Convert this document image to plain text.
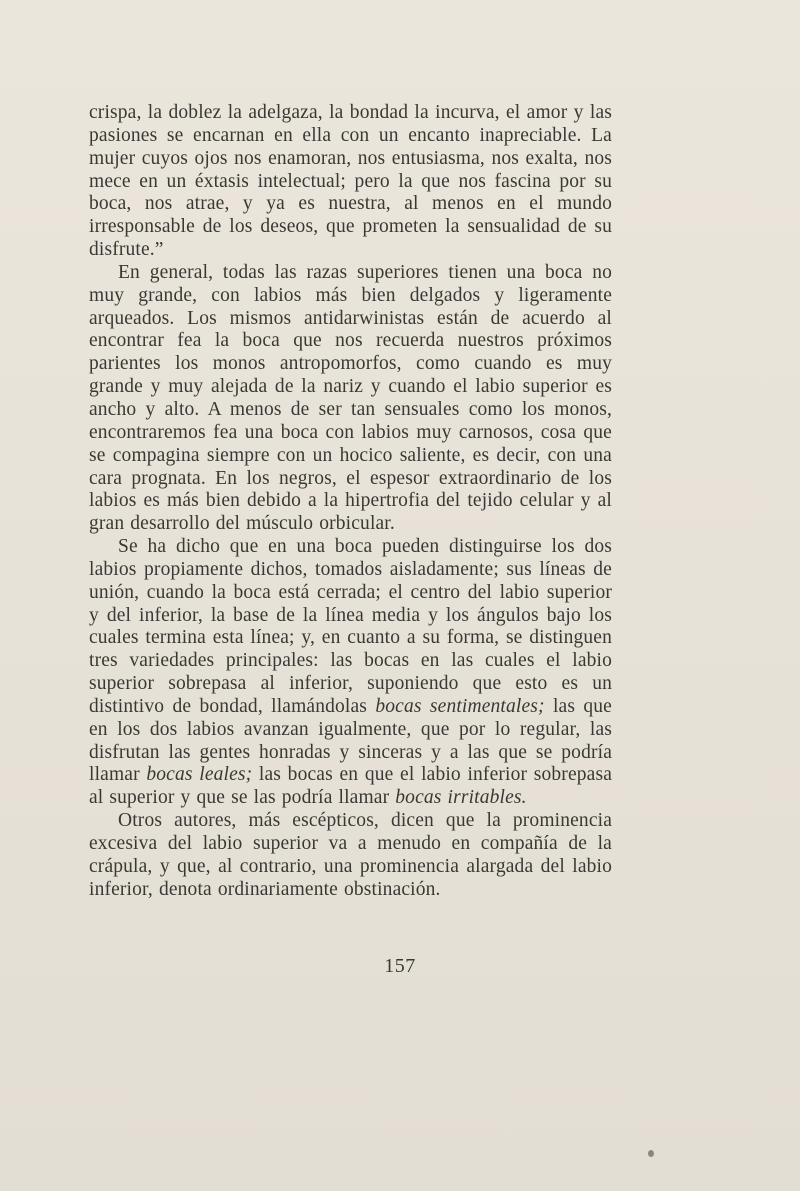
crispa, la doblez la adelgaza, la bondad la incurva, el amor y las pasiones se encarnan en ella con un encanto inapreciable. La mujer cuyos ojos nos enamoran, nos entusiasma, nos exalta, nos mece en un éxtasis intelectual; pero la que nos fascina por su boca, nos atrae, y ya es nuestra, al menos en el mundo irresponsable de los deseos, que prometen la sensualidad de su disfrute.”

En general, todas las razas superiores tienen una boca no muy grande, con labios más bien delgados y ligeramente arqueados. Los mismos antidarwinistas están de acuerdo al encontrar fea la boca que nos recuerda nuestros próximos parientes los monos antropomorfos, como cuando es muy grande y muy alejada de la nariz y cuando el labio superior es ancho y alto. A menos de ser tan sensuales como los monos, encontraremos fea una boca con labios muy carnosos, cosa que se compagina siempre con un hocico saliente, es decir, con una cara prognata. En los negros, el espesor extraordinario de los labios es más bien debido a la hipertrofia del tejido celular y al gran desarrollo del músculo orbicular.

Se ha dicho que en una boca pueden distinguirse los dos labios propiamente dichos, tomados aisladamente; sus líneas de unión, cuando la boca está cerrada; el centro del labio superior y del inferior, la base de la línea media y los ángulos bajo los cuales termina esta línea; y, en cuanto a su forma, se distinguen tres variedades principales: las bocas en las cuales el labio superior sobrepasa al inferior, suponiendo que esto es un distintivo de bondad, llamándolas bocas sentimentales; las que en los dos labios avanzan igualmente, que por lo regular, las disfrutan las gentes honradas y sinceras y a las que se podría llamar bocas leales; las bocas en que el labio inferior sobrepasa al superior y que se las podría llamar bocas irritables.

Otros autores, más escépticos, dicen que la prominencia excesiva del labio superior va a menudo en compañía de la crápula, y que, al contrario, una prominencia alargada del labio inferior, denota ordinariamente obstinación.

157
